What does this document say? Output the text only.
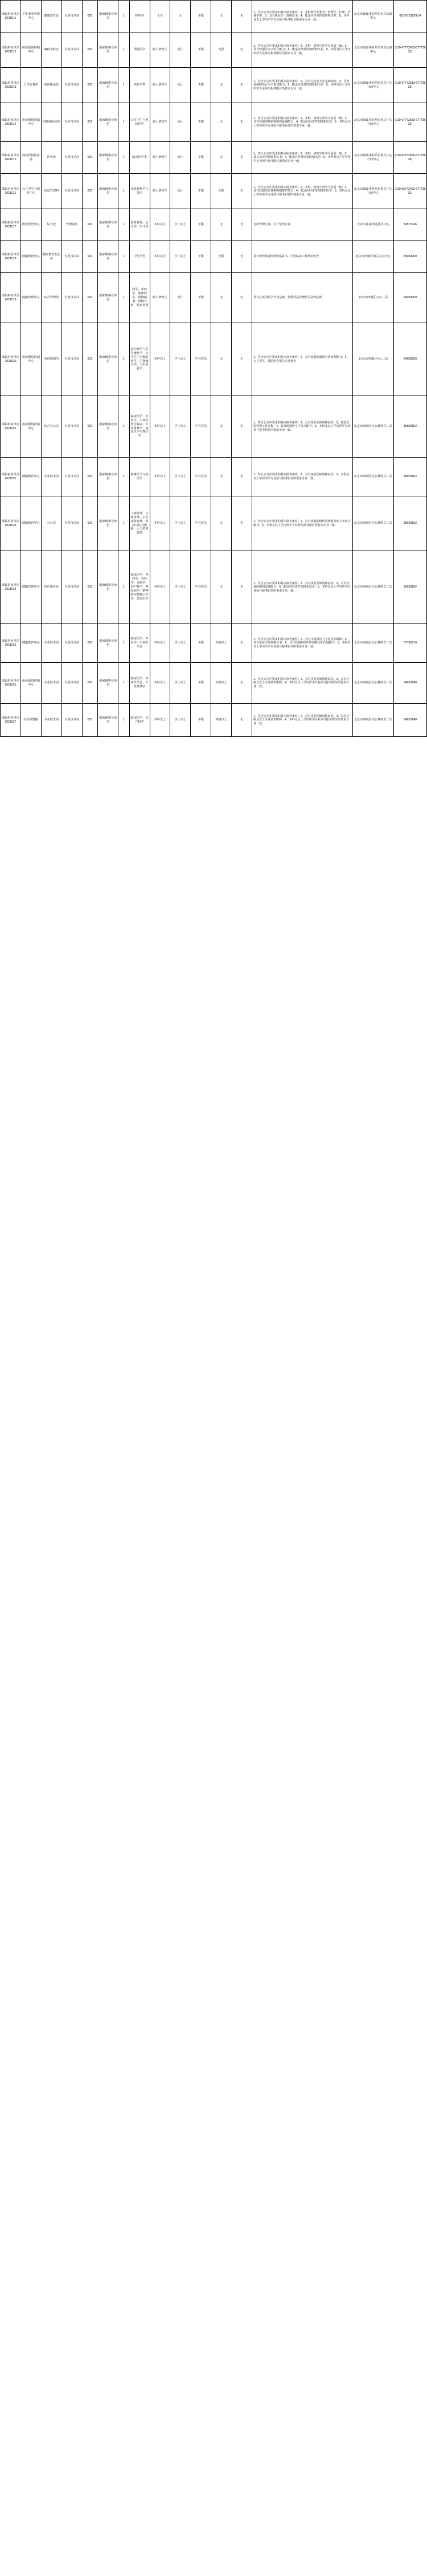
部属事业单位2021011	卫生事业管理中心	健康教育处	专业技术岗	001	国家级事业单位	1	护理学	大专	无	不限	无	无	1、符合公告中要求的基本报考条件；2、本科所学专业为：护理学、护理、护理学类；3、具有执业护士资格证书；4、能适应经常性加班和出差；5、本科及以上学历所学专业须与报考职位所要求专业一致。	北京市部属事业单位机关行政中心	010-87538293 4
部属事业单位2021012	疾病预防控制中心	麻疹室科室	专业技术岗	001	国家级事业单位	1	预防医学	硕士研究生	硕士	不限	无限	无	1、符合公告中要求的基本报考条件；2、本科、研究生所学专业需一致；3、具有较强的文字综合能力；4、能适应经常性加班和出差；5、本科及以上学历所学专业须与报考职位所要求专业一致。	北京市部属事业单位机关行政中心	(010-67773633-67773633)
部属事业单位2021013	卫生监督所	监督执法处	专业技术岗	001	国家级事业单位	1	西药学类	硕士研究生	硕士	不限	无	无	1、符合公告中要求的基本报考条件；2、具有扎实的专业基础知识；3、具有较强的语言文字表达能力；4、能适应经常性加班和出差；5、本科及以上学历所学专业须与报考职位所要求专业一致。	北京市部属事业单位机关中心行政中心	(010-67773633-67773633)
部属事业单位2021014	疾病预防控制中心	结核病防治所	专业技术岗	001	国家级事业单位	1	公共卫生与预防医学	硕士研究生	硕士	不限	无	无	1、符合公告中要求的基本报考条件；2、本科、研究生所学专业需一致；3、具有较强的科研和组织协调能力；4、能适应经常性加班和出差；5、本科及以上学历所学专业须与报考职位所要求专业一致。	北京市部属事业单位机关中心行政中心	(010-67773633-67773633)
部属事业单位2021015	西苑医院院务处	医务处	专业技术岗	001	国家级事业单位	1	临床医学类	硕士研究生	硕士	不限	无	无	1、符合公告中要求的基本报考条件；2、本科、研究生所学专业需一致；3、具有执业医师资格证书；4、能适应经常性加班和出差；5、本科及以上学历所学专业须与报考职位所要求专业一致。	北京市部属事业单位机关中心行政中心	(010-62772460-67773633)
部属事业单位2021016	公共卫生与预防中心	信息管理科	专业技术岗	001	国家级事业单位	1	计算机科学与技术	硕士研究生	硕士	不限	无限	无	1、符合公告中要求的基本报考条件；2、本科、研究生所学专业需一致；3、具有较强的计算机网络维护能力；4、能适应经常性加班和出差；5、本科及以上学历所学专业须与报考职位所要求专业一致。	北京市部属事业单位机关中心行政中心	(010-62772460-67773633)
部属事业单位2021017	医政医管中心	综合处	管理岗位	001	国家级事业单位	1	财务管理、会计学、审计学	本科以上	学士以上	不限	无	无	行政管理专业、会计学类专业	北京市孔庙街道社区中心	84572046
部属事业单位2021018	健康教育中心	健康教育办公室	专业技术岗	001	国家级事业单位	1	中医学类	本科以上	学士以上	不限	无限	无	具有中医执业医师资格证书，中医临床工作经验优先	北京市西城区机关办公中心	84033950
部属事业单位2021019	健康管理中心	综合管理处	专业技术岗	001	国家级事业单位	1	药学、中药学、临床药学、药物制剂、药物分析、药事管理	硕士研究生	硕士	不限	无	无	具有扎实的药学专业基础，熟悉药品管理相关法律法规	北京市西城区办公二层	84033950
部属事业单位2021020	疾病预防控制中心	免疫规划所	专业技术岗	001	国家级事业单位	1	流行病学与卫生统计学、公共卫生与预防医学、生物统计学、卫生检验学	本科以上	学士以上	中共党员	无	无	1、符合公告中要求的基本报考条件；2、具有较强的数据分析处理能力；3、公共卫生、预防医学相关专业优先	北京市西城区办公二层	84033950
部属事业单位2021021	疾病预防控制中心	综合办公室	专业技术岗	001	国家级事业单位	1	临床医学、中医学、中西医结合临床、针灸推拿学、康复医学与理疗学	本科以上	学士以上	中共党员	无	无	1、符合公告中要求的基本报考条件；2、具有执业医师资格证书；3、熟悉医院管理工作流程；4、具有较强的文字综合能力；5、本科及以上学历所学专业须与报考职位所要求专业一致。	北京市西城区办公楼机关二层	85950152
部属事业单位2021022	健康教育中心	专业技术岗	专业技术岗	001	国家级事业单位	1	影像医学与核医学	本科以上	学士以上	中共党员	无	无	1、符合公告中要求的基本报考条件；2、具有执业医师资格证书；3、本科及以上学历所学专业须与报考职位所要求专业一致。	北京市西城区办公楼机关二层	85950152
部属事业单位2021023	健康教育中心	办公室	专业技术岗	001	国家级事业单位	1	工商管理、行政管理、公共事业管理、劳动与社会保障、人力资源管理	本科以上	学士以上	中共党员	无	无	1、符合公告中要求的基本报考条件；2、具有较强的组织协调能力和文字综合能力；3、本科及以上学历所学专业须与报考职位所要求专业一致。	北京市西城区办公楼机关二层	85950152
部属事业单位2021024	健康管理中心	医疗服务处	专业技术岗	001	国家级事业单位	1	临床医学、内科学、外科学、儿科学、妇产科学、神经病学、精神病与精神卫生学、急诊医学	本科以上	学士以上	中共党员	无	无	1、符合公告中要求的基本报考条件；2、具有执业医师资格证书；3、具有较强的组织协调能力；4、能适应经常性加班和出差；5、本科及以上学历所学专业须与报考职位所要求专业一致。	北京市西城区办公楼机关二层	85950152
部属事业单位2021025	健康教育中心	专业技术岗	专业技术岗	001	国家级事业单位	1	临床医学、中医学、中西医结合	本科以上	学士以上	不限	中级以上	无	1、符合公告中要求的基本报考条件；2、具有中级及以上专业技术职称；3、具有执业医师资格证书；4、具有较强的组织协调能力和沟通能力；5、本科及以上学历所学专业须与报考职位所要求专业一致。	北京市西城区办公楼机关二层	67782914
部属事业单位2021026	疾病预防控制中心	专业技术岗	专业技术岗	001	国家级事业单位	1	临床医学、中西医结合、针灸推拿学	本科以上	学士以上	不限	中级以上	无	1、符合公告中要求的基本报考条件；2、具有执业医师资格证书；3、具有中级及以上专业技术职称；4、本科及以上学历所学专业须与报考职位所要求专业一致。	北京市西城区办公楼机关二层	84952140
部属事业单位2021027	妇幼保健院	专业技术岗	专业技术岗	001	国家级事业单位	1	临床医学、妇产科学	本科以上	学士以上	不限	中级以上	无	1、符合公告中要求的基本报考条件；2、具有执业医师资格证书；3、具有中级及以上专业技术职称；4、本科及以上学历所学专业须与报考职位所要求专业一致。	北京市西城区办公楼机关二层	84952140
